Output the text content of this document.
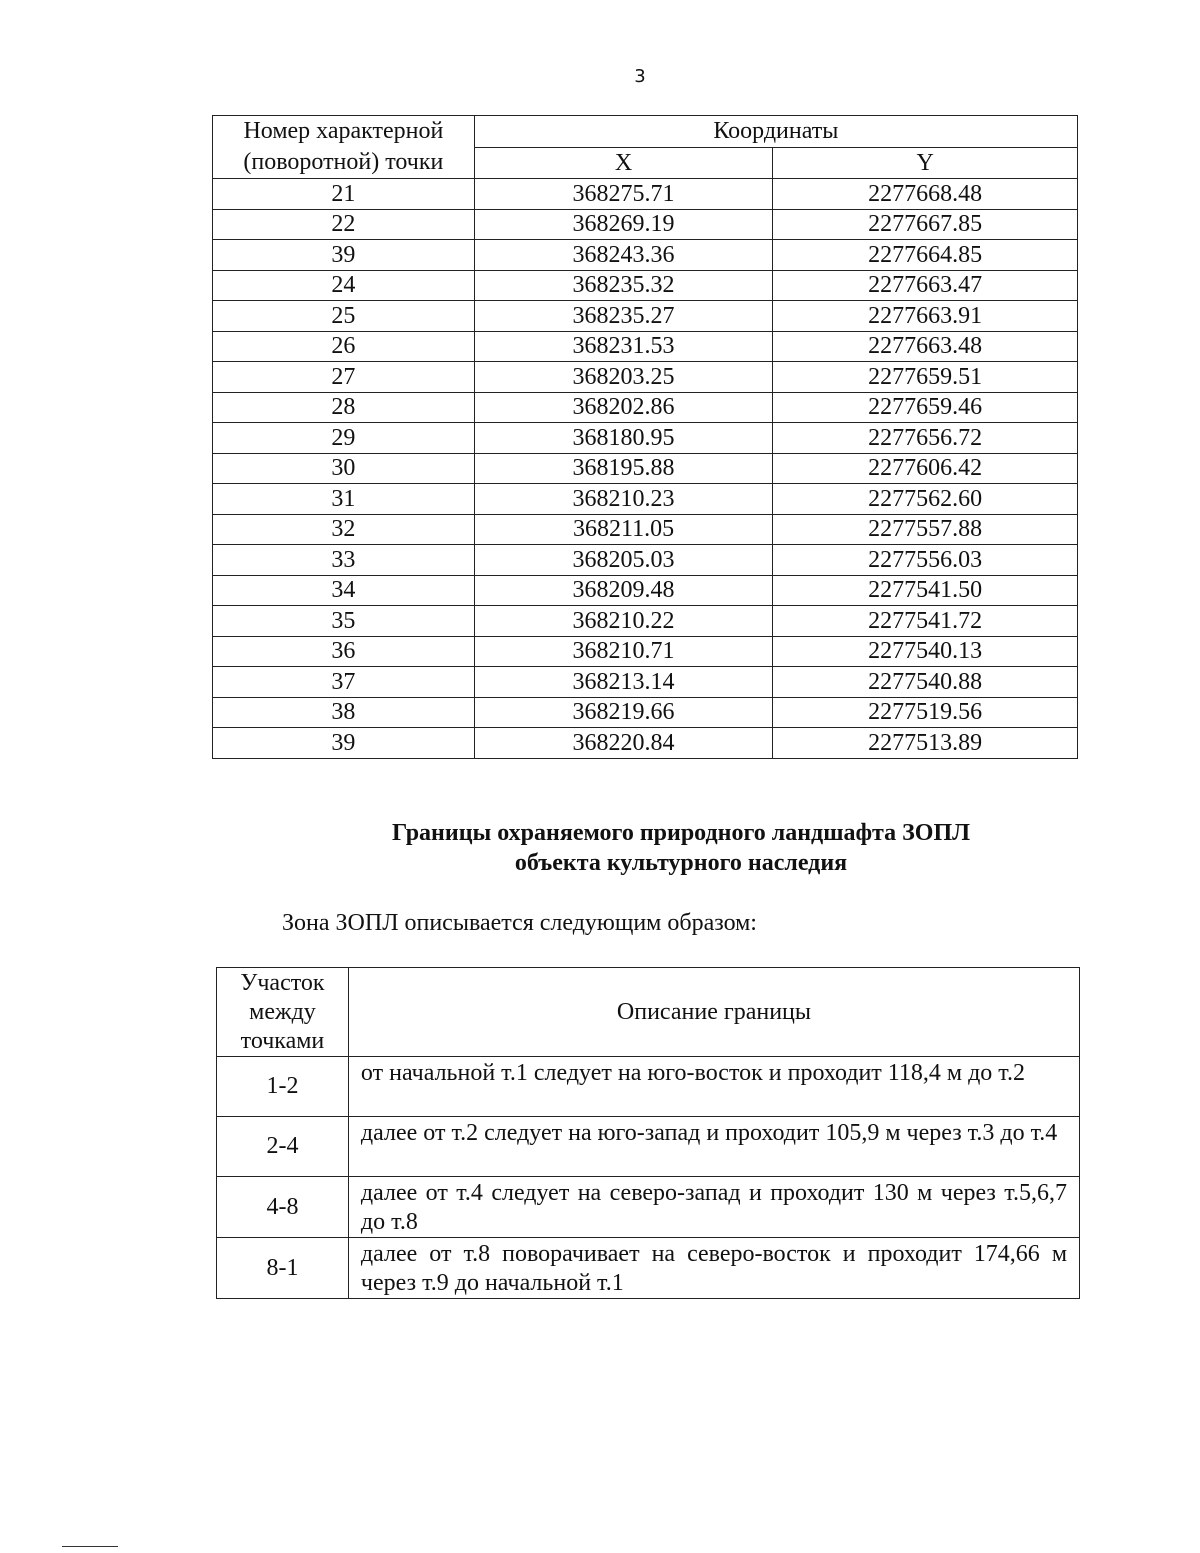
3
Номер характерной (поворотной) точки	Координаты	
	X	Y
21	368275.71	2277668.48
22	368269.19	2277667.85
39	368243.36	2277664.85
24	368235.32	2277663.47
25	368235.27	2277663.91
26	368231.53	2277663.48
27	368203.25	2277659.51
28	368202.86	2277659.46
29	368180.95	2277656.72
30	368195.88	2277606.42
31	368210.23	2277562.60
32	368211.05	2277557.88
33	368205.03	2277556.03
34	368209.48	2277541.50
35	368210.22	2277541.72
36	368210.71	2277540.13
37	368213.14	2277540.88
38	368219.66	2277519.56
39	368220.84	2277513.89
Границы охраняемого природного ландшафта ЗОПЛ
объекта культурного наследия
Зона ЗОПЛ описывается следующим образом:
Участок между точками	Описание границы
1-2	от начальной т.1 следует на юго-восток и проходит 118,4 м до т.2
2-4	далее от т.2 следует на юго-запад и проходит 105,9 м через т.3 до т.4
4-8	далее от т.4 следует на северо-запад и проходит 130 м через т.5,6,7 до т.8
8-1	далее от т.8 поворачивает на северо-восток и проходит 174,66 м через т.9 до начальной т.1
